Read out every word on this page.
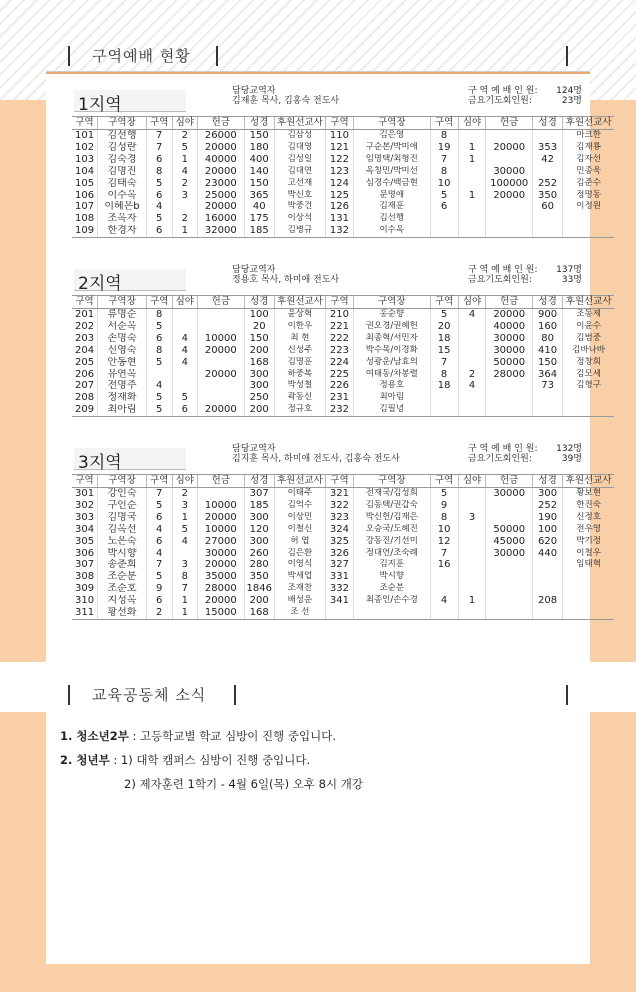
구역예배 현황
1지역
담당교역자
김재훈 목사, 김홍숙 전도사
구 역 예 배 인 원:	124명
금요기도회인원:	23명
구역	구역장	구역	심야	헌금	성경	후원선교사	구역	구역장	구역	심야	헌금	성경	후원선교사
101	김선행	7	2	26000	150	김삼성	110	김은영	8				마크한
102	김성란	7	5	20000	180	김대영	121	구순본/박미애	19	1	20000	353	김재룡
103	김숙경	6	1	40000	400	김성일	122	임명택/최형진	7	1		42	김자선
104	김명진	8	4	20000	140	김대연	123	옥칭민/박미선	8		30000		민종욱
105	김태숙	5	2	23000	150	고선재	124	심경수/백금현	10		100000	252	김준수
106	이수옥	6	3	25000	365	박신호	125	문명애	5	1	20000	350	정명동
107	이혜은b	4		20000	40	박중건	126	김재훈	6			60	이정원
108	조옥자	5	2	16000	175	이상석	131	김선행					
109	한경자	6	1	32000	185	김병규	132	이수옥					
2지역
담당교역자
정용호 목사, 하미애 전도사
구 역 예 배 인 원:	137명
금요기도회인원:	33명
구역	구역장	구역	심야	헌금	성경	후원선교사	구역	구역장	구역	심야	헌금	성경	후원선교사
201	류명순	8			100	윤상혁	210	홍순향	5	4	20000	900	조동제
202	서순옥	5			20	이한우	221	권오경/권혜헌	20		40000	160	이윤수
203	손명숙	6	4	10000	150	최 현	222	최종혁/서민자	18		30000	80	김범중
204	신영숙	8	4	20000	200	신성주	223	박수목/이경화	15		30000	410	김바나바
205	안동현	5	4		168	김명훈	224	성광운/남효의	7		50000	150	정창희
206	유연옥			20000	300	하중복	225	여태동/차봉렬	8	2	28000	364	김모세
207	전명주	4			300	박성철	226	정용호	18	4		73	김형구
208	정재화	5	5		250	곽동신	231	최아림					
209	최아림	5	6	20000	200	정규호	232	김필녕					
3지역
담당교역자
김지훈 목사, 하미애 전도사, 김홍숙 전도사
구 역 예 배 인 원:	132명
금요기도회인원:	39명
구역	구역장	구역	심야	헌금	성경	후원선교사	구역	구역장	구역	심야	헌금	성경	후원선교사
301	강인숙	7	2		307	이태주	321	전재국/김성희	5		30000	300	황보현
302	구인순	5	3	10000	185	김억수	322	김동택/권갑숙	9			252	한진숙
303	김명국	6	1	20000	300	이상민	323	박신헌/김재은	8	3		190	신정호
304	김옥선	4	5	10000	120	이철신	324	오승국/도혜진	10		50000	100	전우영
305	노은숙	6	4	27000	300	허 엽	325	강동진/기선미	12		45000	620	박기정
306	박시향	4		30000	260	김은환	326	정대언/조숙례	7		30000	440	이철우
307	송춘희	7	3	20000	280	이영식	327	김지훈	16				임태혁
308	조순분	5	8	35000	350	박세업	331	박시향					
309	조순호	9	7	28000	1846	조재찬	332	조순분					
310	지성옥	6	1	20000	200	배성운	341	최종인/손수경	4	1		208	
311	황선화	2	1	15000	168	조 선							
교육공동체 소식
1. 청소년2부 : 고등학교별 학교 심방이 진행 중입니다.
2. 청년부 : 1) 대학 캠퍼스 심방이 진행 중입니다.
2) 제자훈련 1학기 - 4월 6일(목) 오후 8시 개강
